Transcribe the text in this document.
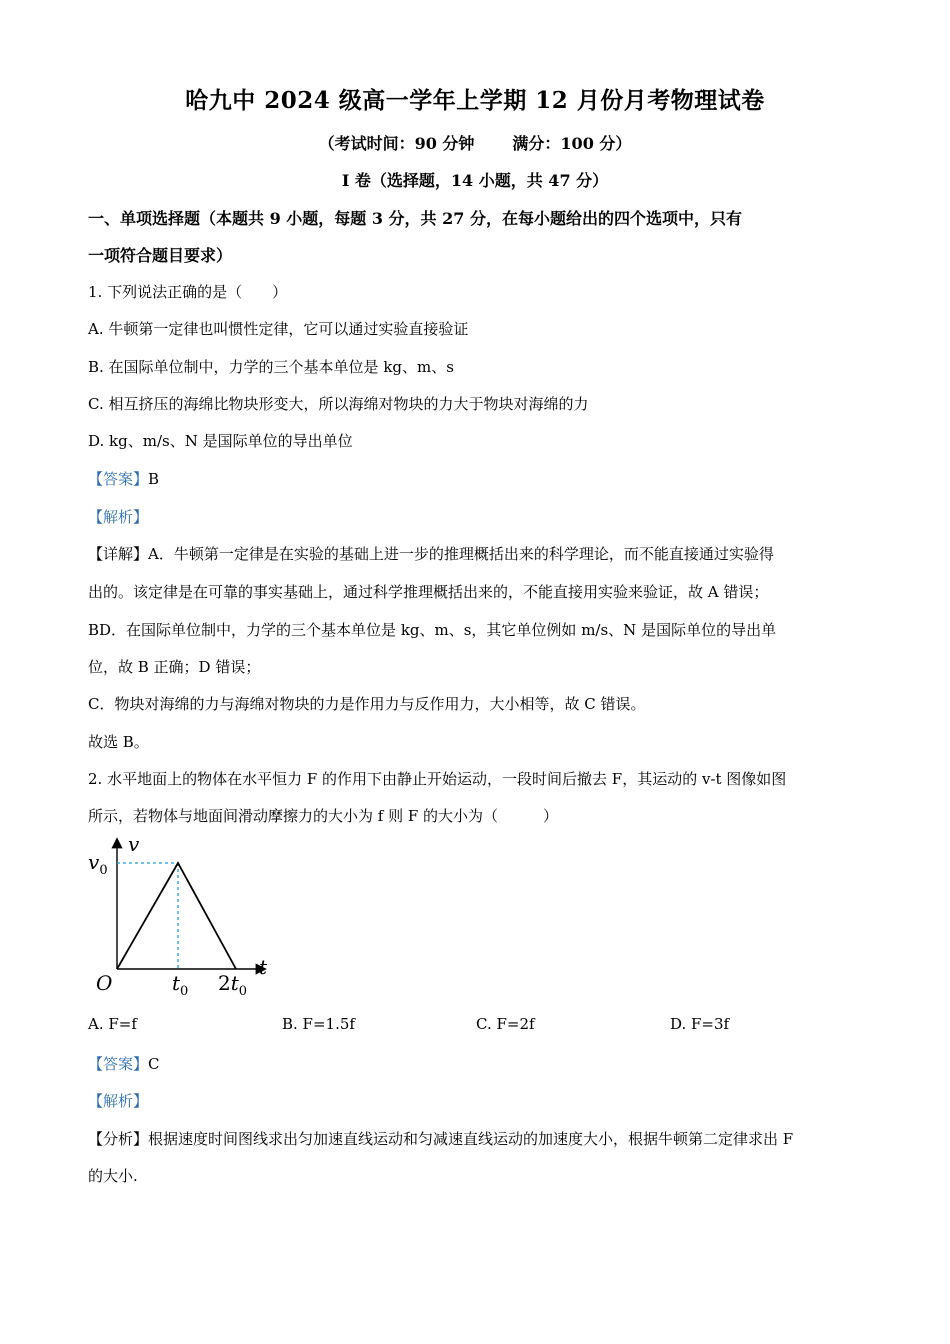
哈九中 2024 级高一学年上学期 12 月份月考物理试卷
（考试时间：90 分钟 满分：100 分）
I 卷（选择题，14 小题，共 47 分）
一、单项选择题（本题共 9 小题，每题 3 分，共 27 分，在每小题给出的四个选项中，只有
一项符合题目要求）
1. 下列说法正确的是（　　）
A. 牛顿第一定律也叫惯性定律，它可以通过实验直接验证
B. 在国际单位制中，力学的三个基本单位是 kg、m、s
C. 相互挤压的海绵比物块形变大，所以海绵对物块的力大于物块对海绵的力
D. kg、m/s、N 是国际单位的导出单位
【答案】B
【解析】
【详解】A．牛顿第一定律是在实验的基础上进一步的推理概括出来的科学理论，而不能直接通过实验得
出的。该定律是在可靠的事实基础上，通过科学推理概括出来的，不能直接用实验来验证，故 A 错误；
BD．在国际单位制中，力学的三个基本单位是 kg、m、s，其它单位例如 m/s、N 是国际单位的导出单
位，故 B 正确；D 错误；
C．物块对海绵的力与海绵对物块的力是作用力与反作用力，大小相等，故 C 错误。
故选 B。
2. 水平地面上的物体在水平恒力 F 的作用下由静止开始运动，一段时间后撤去 F，其运动的 v-t 图像如图
所示，若物体与地面间滑动摩擦力的大小为 f 则 F 的大小为（　　　）
v
t
O
$v_0$
$t_0$ $2t_0$
A. F=f	B. F=1.5f	C. F=2f	D. F=3f
【答案】C
【解析】
【分析】根据速度时间图线求出匀加速直线运动和匀减速直线运动的加速度大小，根据牛顿第二定律求出 F
的大小.
